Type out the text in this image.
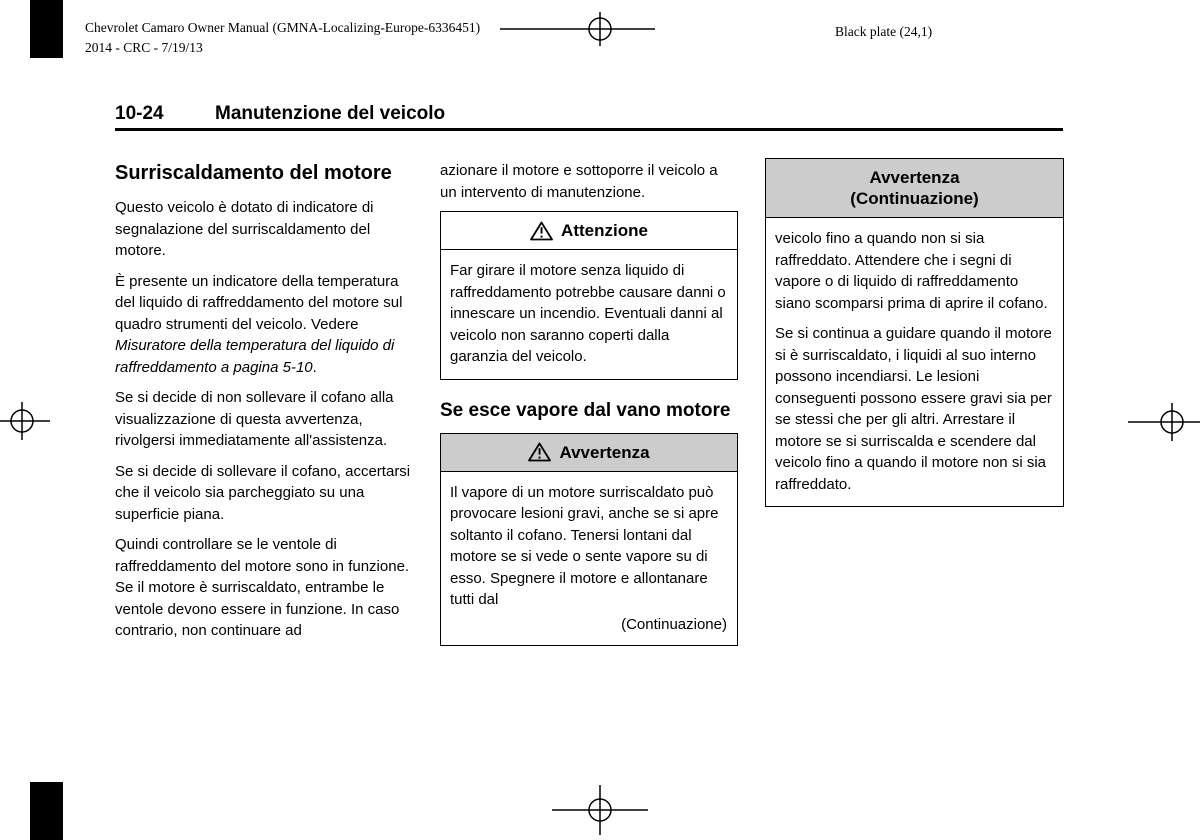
Chevrolet Camaro Owner Manual (GMNA-Localizing-Europe-6336451)
2014 - CRC - 7/19/13
Black plate (24,1)
10-24	Manutenzione del veicolo
Surriscaldamento del motore

Questo veicolo è dotato di indicatore di segnalazione del surriscaldamento del motore.

È presente un indicatore della temperatura del liquido di raffreddamento del motore sul quadro strumenti del veicolo. Vedere Misuratore della temperatura del liquido di raffreddamento a pagina 5-10.

Se si decide di non sollevare il cofano alla visualizzazione di questa avvertenza, rivolgersi immediatamente all'assistenza.

Se si decide di sollevare il cofano, accertarsi che il veicolo sia parcheggiato su una superficie piana.

Quindi controllare se le ventole di raffreddamento del motore sono in funzione. Se il motore è surriscaldato, entrambe le ventole devono essere in funzione. In caso contrario, non continuare ad

azionare il motore e sottoporre il veicolo a un intervento di manutenzione.

Attenzione

Far girare il motore senza liquido di raffreddamento potrebbe causare danni o innescare un incendio. Eventuali danni al veicolo non saranno coperti dalla garanzia del veicolo.

Se esce vapore dal vano motore
Avvertenza

Il vapore di un motore surriscaldato può provocare lesioni gravi, anche se si apre soltanto il cofano. Tenersi lontani dal motore se si vede o sente vapore su di esso. Spegnere il motore e allontanare tutti dal

(Continuazione)
Avvertenza
(Continuazione)

veicolo fino a quando non si sia raffreddato. Attendere che i segni di vapore o di liquido di raffreddamento siano scomparsi prima di aprire il cofano.

Se si continua a guidare quando il motore si è surriscaldato, i liquidi al suo interno possono incendiarsi. Le lesioni conseguenti possono essere gravi sia per se stessi che per gli altri. Arrestare il motore se si surriscalda e scendere dal veicolo fino a quando il motore non si sia raffreddato.
